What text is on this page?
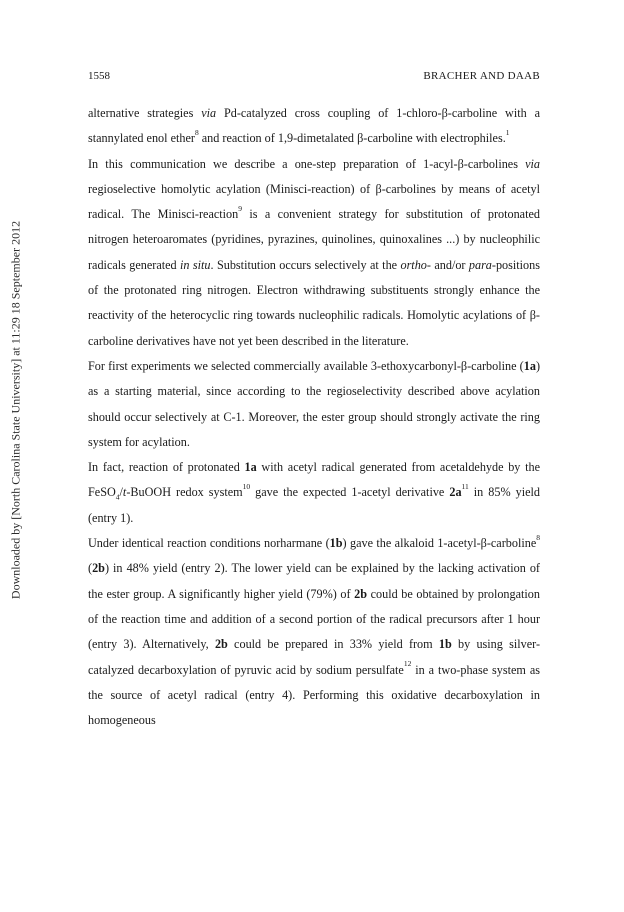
1558	BRACHER AND DAAB
Downloaded by [North Carolina State University] at 11:29 18 September 2012

alternative strategies via Pd-catalyzed cross coupling of 1-chloro-β-carboline with a stannylated enol ether$^8$ and reaction of 1,9-dimetalated β-carboline with electrophiles.$^1$

In this communication we describe a one-step preparation of 1-acyl-β-carbolines via regioselective homolytic acylation (Minisci-reaction) of β-carbolines by means of acetyl radical. The Minisci-reaction$^9$ is a convenient strategy for substitution of protonated nitrogen heteroaromates (pyridines, pyrazines, quinolines, quinoxalines ...) by nucleophilic radicals generated in situ. Substitution occurs selectively at the ortho- and/or para-positions of the protonated ring nitrogen. Electron withdrawing substituents strongly enhance the reactivity of the heterocyclic ring towards nucleophilic radicals. Homolytic acylations of β-carboline derivatives have not yet been described in the literature.

For first experiments we selected commercially available 3-ethoxycarbonyl-β-carboline (1a) as a starting material, since according to the regioselectivity described above acylation should occur selectively at C-1. Moreover, the ester group should strongly activate the ring system for acylation.

In fact, reaction of protonated 1a with acetyl radical generated from acetaldehyde by the FeSO$_4$/t-BuOOH redox system$^{10}$ gave the expected 1-acetyl derivative $2a^{11}$ in 85% yield (entry 1).

Under identical reaction conditions norharmane (1b) gave the alkaloid 1-acetyl-β-carboline$^8$ (2b) in 48% yield (entry 2). The lower yield can be explained by the lacking activation of the ester group. A significantly higher yield (79%) of 2b could be obtained by prolongation of the reaction time and addition of a second portion of the radical precursors after 1 hour (entry 3). Alternatively, 2b could be prepared in 33% yield from 1b by using silver-catalyzed decarboxylation of pyruvic acid by sodium persulfate$^{12}$ in a two-phase system as the source of acetyl radical (entry 4). Performing this oxidative decarboxylation in homogeneous
